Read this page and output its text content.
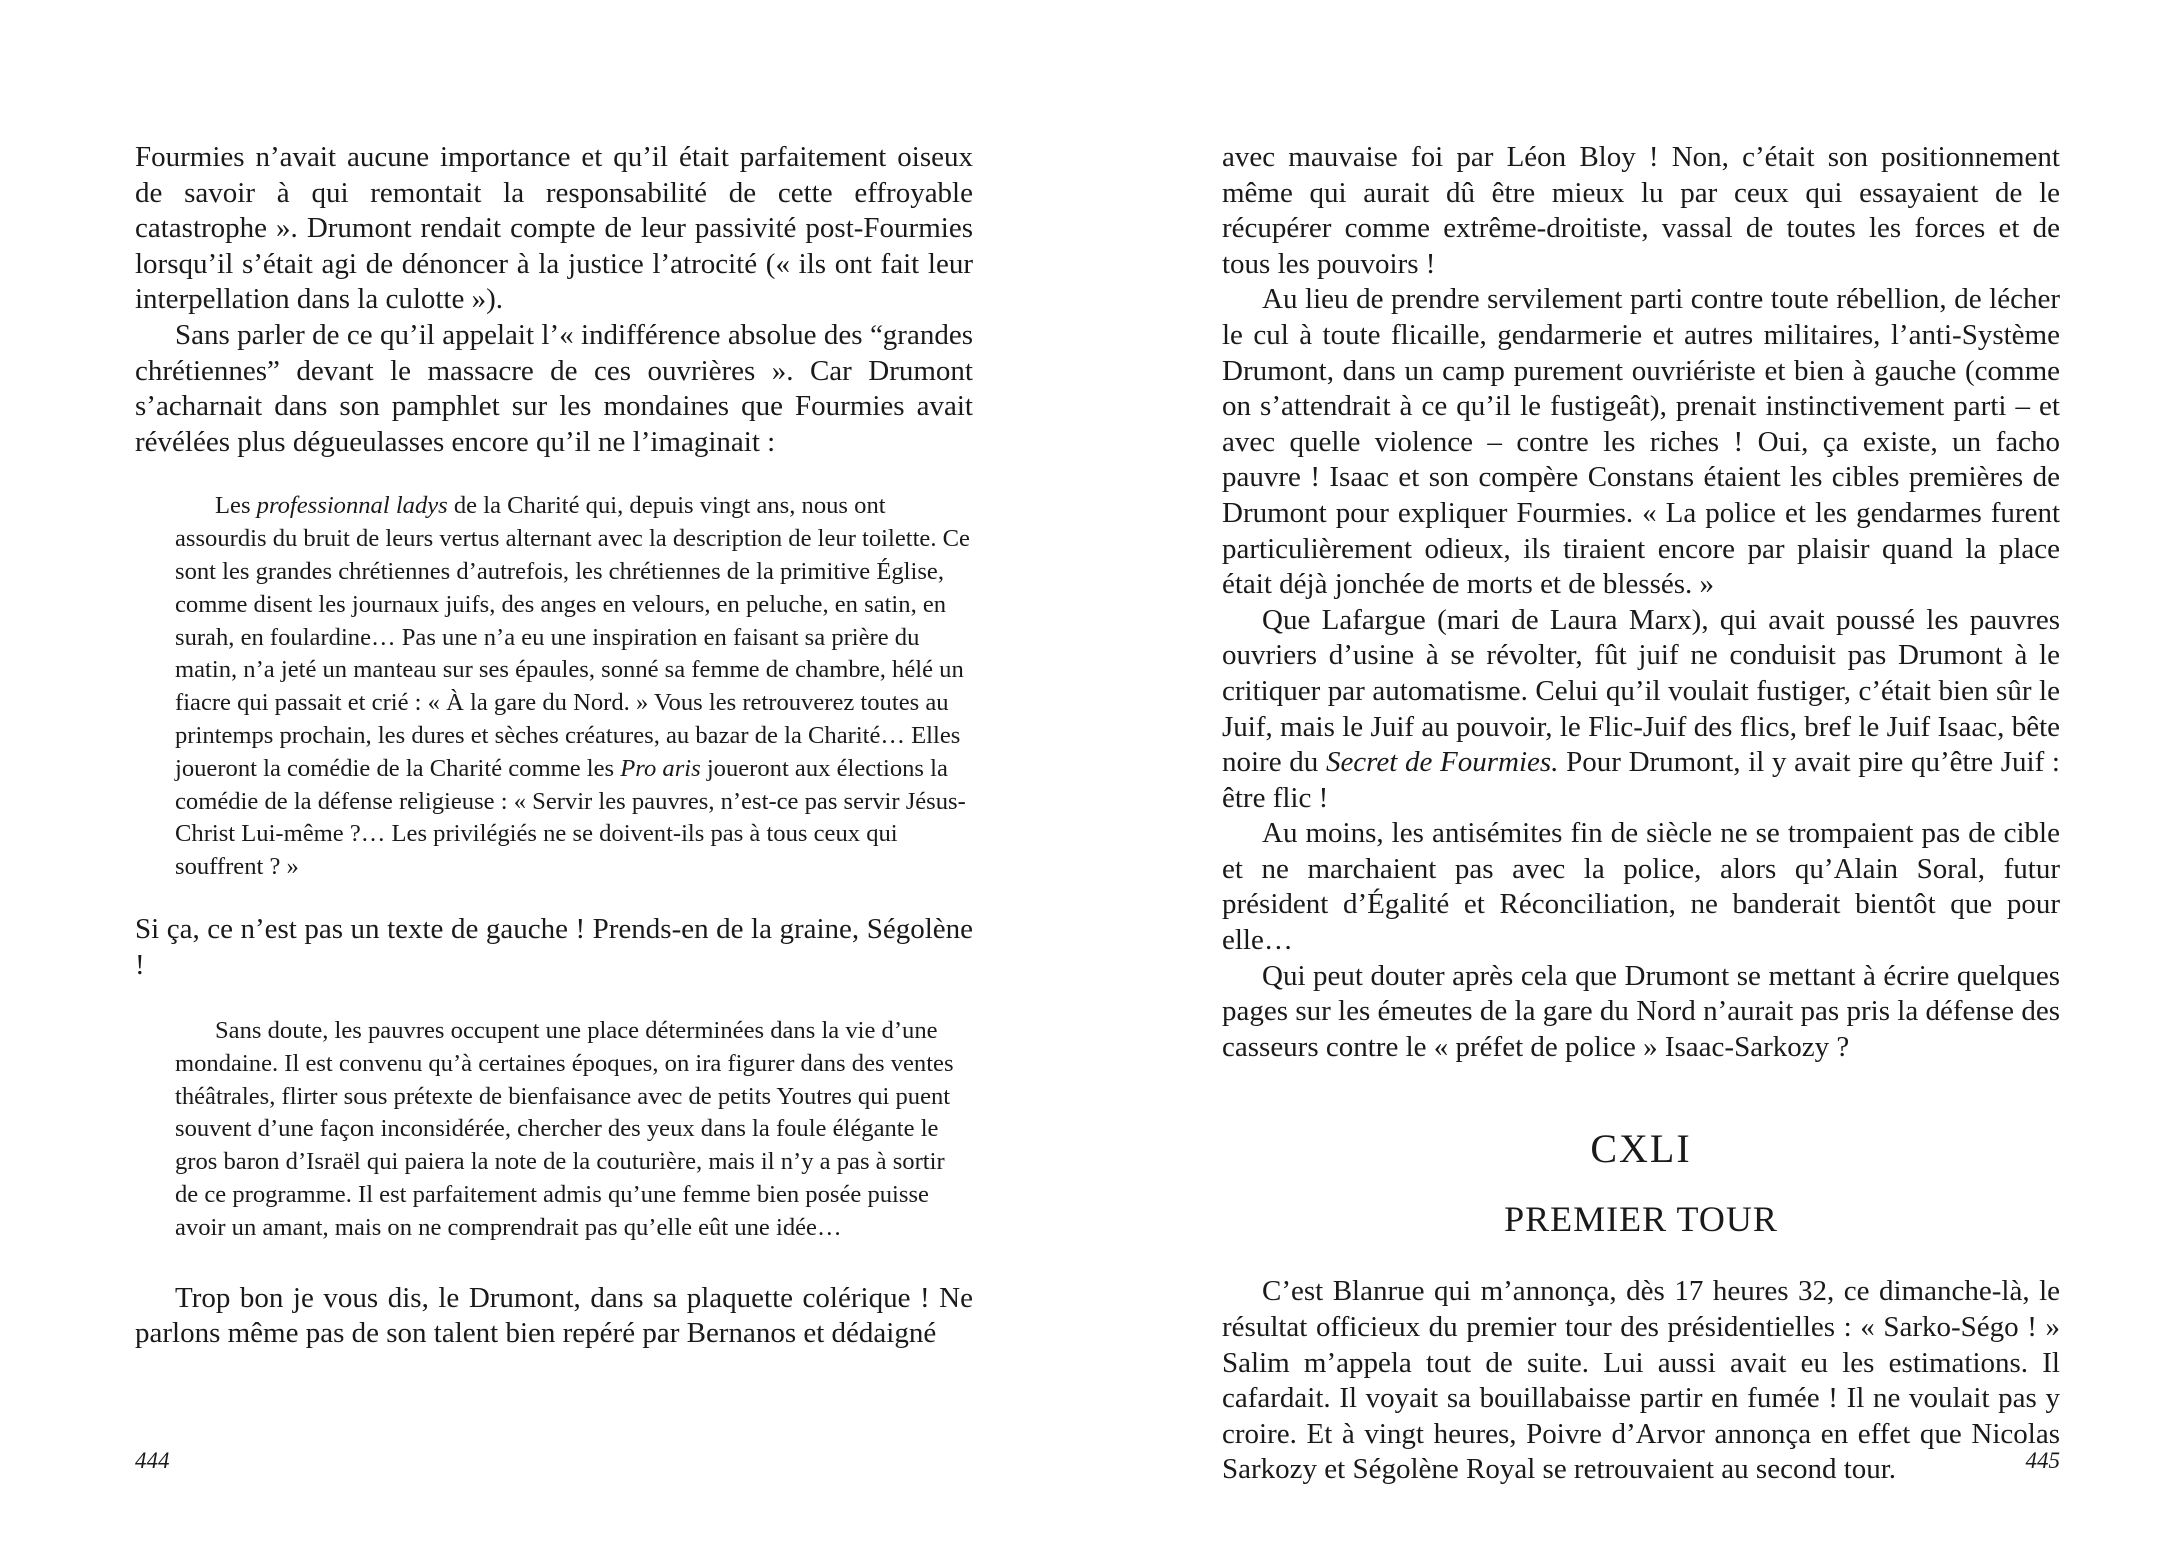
Fourmies n’avait aucune importance et qu’il était parfaitement oiseux de savoir à qui remontait la responsabilité de cette effroyable catastrophe ». Drumont rendait compte de leur passivité post-Fourmies lorsqu’il s’était agi de dénoncer à la justice l’atrocité (« ils ont fait leur interpellation dans la culotte »).

Sans parler de ce qu’il appelait l’« indifférence absolue des “grandes chrétiennes” devant le massacre de ces ouvrières ». Car Drumont s’acharnait dans son pamphlet sur les mondaines que Fourmies avait révélées plus dégueulasses encore qu’il ne l’imaginait :

Les professionnal ladys de la Charité qui, depuis vingt ans, nous ont assourdis du bruit de leurs vertus alternant avec la description de leur toilette. Ce sont les grandes chrétiennes d’autrefois, les chrétiennes de la primitive Église, comme disent les journaux juifs, des anges en velours, en peluche, en satin, en surah, en foulardine… Pas une n’a eu une inspiration en faisant sa prière du matin, n’a jeté un manteau sur ses épaules, sonné sa femme de chambre, hélé un fiacre qui passait et crié : « À la gare du Nord. » Vous les retrouverez toutes au printemps prochain, les dures et sèches créatures, au bazar de la Charité… Elles joueront la comédie de la Charité comme les Pro aris joueront aux élections la comédie de la défense religieuse : « Servir les pauvres, n’est-ce pas servir Jésus-Christ Lui-même ?… Les privilégiés ne se doivent-ils pas à tous ceux qui souffrent ? »

Si ça, ce n’est pas un texte de gauche ! Prends-en de la graine, Ségolène !

Sans doute, les pauvres occupent une place déterminées dans la vie d’une mondaine. Il est convenu qu’à certaines époques, on ira figurer dans des ventes théâtrales, flirter sous prétexte de bienfaisance avec de petits Youtres qui puent souvent d’une façon inconsidérée, chercher des yeux dans la foule élégante le gros baron d’Israël qui paiera la note de la couturière, mais il n’y a pas à sortir de ce programme. Il est parfaitement admis qu’une femme bien posée puisse avoir un amant, mais on ne comprendrait pas qu’elle eût une idée…

Trop bon je vous dis, le Drumont, dans sa plaquette colérique ! Ne parlons même pas de son talent bien repéré par Bernanos et dédaigné

444

avec mauvaise foi par Léon Bloy ! Non, c’était son positionnement même qui aurait dû être mieux lu par ceux qui essayaient de le récupérer comme extrême-droitiste, vassal de toutes les forces et de tous les pouvoirs !

Au lieu de prendre servilement parti contre toute rébellion, de lécher le cul à toute flicaille, gendarmerie et autres militaires, l’anti-Système Drumont, dans un camp purement ouvriériste et bien à gauche (comme on s’attendrait à ce qu’il le fustigeât), prenait instinctivement parti – et avec quelle violence – contre les riches ! Oui, ça existe, un facho pauvre ! Isaac et son compère Constans étaient les cibles premières de Drumont pour expliquer Fourmies. « La police et les gendarmes furent particulièrement odieux, ils tiraient encore par plaisir quand la place était déjà jonchée de morts et de blessés. »

Que Lafargue (mari de Laura Marx), qui avait poussé les pauvres ouvriers d’usine à se révolter, fût juif ne conduisit pas Drumont à le critiquer par automatisme. Celui qu’il voulait fustiger, c’était bien sûr le Juif, mais le Juif au pouvoir, le Flic-Juif des flics, bref le Juif Isaac, bête noire du Secret de Fourmies. Pour Drumont, il y avait pire qu’être Juif : être flic !

Au moins, les antisémites fin de siècle ne se trompaient pas de cible et ne marchaient pas avec la police, alors qu’Alain Soral, futur président d’Égalité et Réconciliation, ne banderait bientôt que pour elle…

Qui peut douter après cela que Drumont se mettant à écrire quelques pages sur les émeutes de la gare du Nord n’aurait pas pris la défense des casseurs contre le « préfet de police » Isaac-Sarkozy ?

CXLI
PREMIER TOUR

C’est Blanrue qui m’annonça, dès 17 heures 32, ce dimanche-là, le résultat officieux du premier tour des présidentielles : « Sarko-Ségo ! » Salim m’appela tout de suite. Lui aussi avait eu les estimations. Il cafardait. Il voyait sa bouillabaisse partir en fumée ! Il ne voulait pas y croire. Et à vingt heures, Poivre d’Arvor annonça en effet que Nicolas Sarkozy et Ségolène Royal se retrouvaient au second tour.	445
